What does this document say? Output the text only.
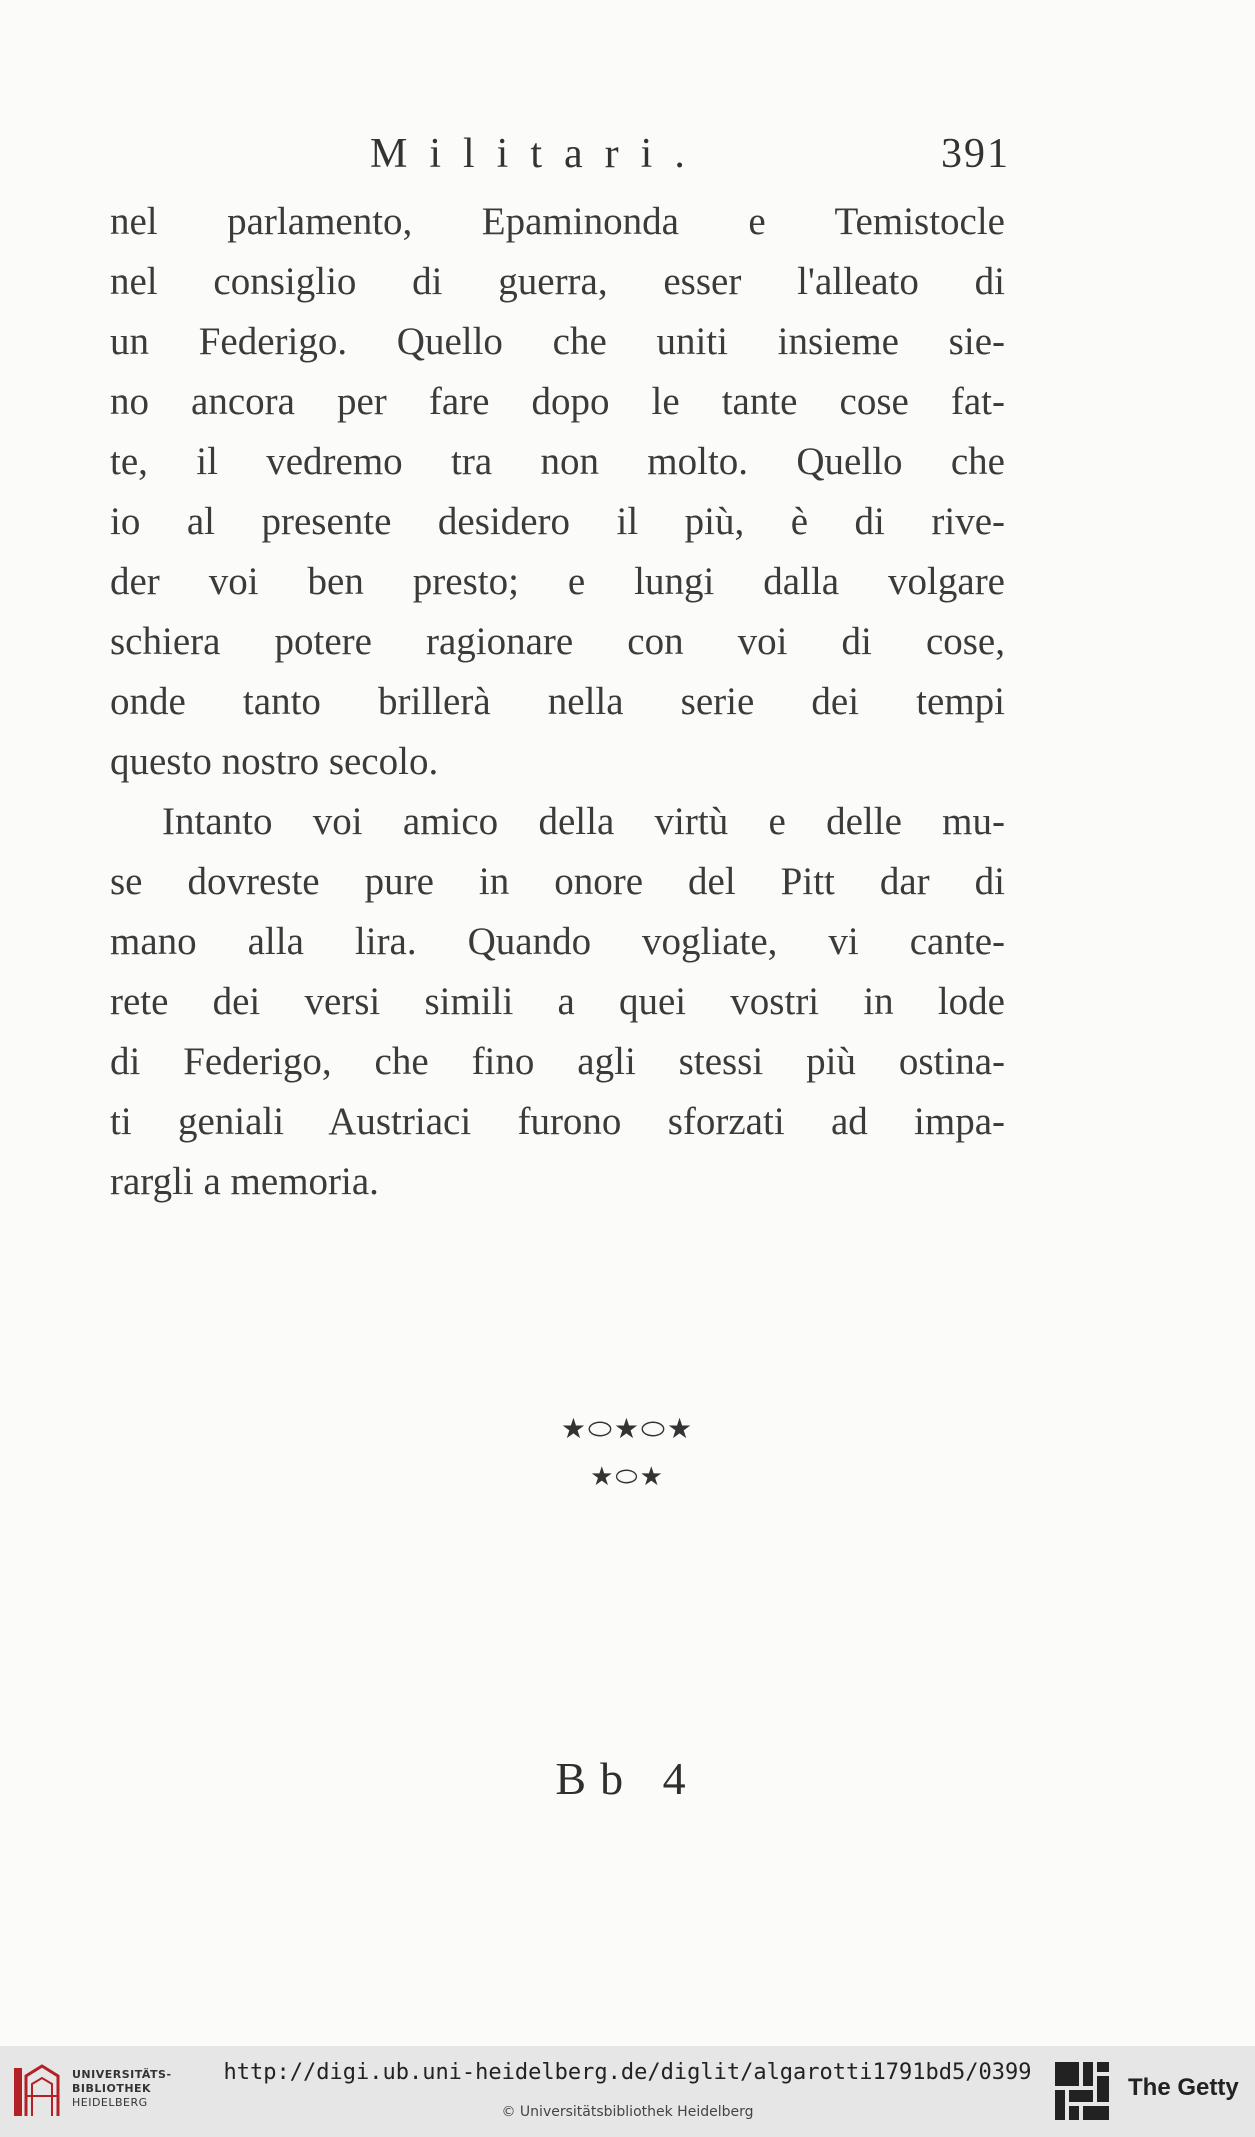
Militari.	391
nel parlamento, Epaminonda e Temistocle
nel consiglio di guerra, esser l'alleato di
un Federigo. Quello che uniti insieme sie-
no ancora per fare dopo le tante cose fat-
te, il vedremo tra non molto. Quello che
io al presente desidero il più, è di rive-
der voi ben presto; e lungi dalla volgare
schiera potere ragionare con voi di cose,
onde tanto brillerà nella serie dei tempi
questo nostro secolo.
Intanto voi amico della virtù e delle mu-
se dovreste pure in onore del Pitt dar di
mano alla lira. Quando vogliate, vi cante-
rete dei versi simili a quei vostri in lode
di Federigo, che fino agli stessi più ostina-
ti geniali Austriaci furono sforzati ad impa-
rargli a memoria.
★⬭★⬭★
★⬭★
Bb 4
UNIVERSITÄTS-
BIBLIOTHEK
HEIDELBERG
http://digi.ub.uni-heidelberg.de/diglit/algarotti1791bd5/0399
© Universitätsbibliothek Heidelberg
The Getty
